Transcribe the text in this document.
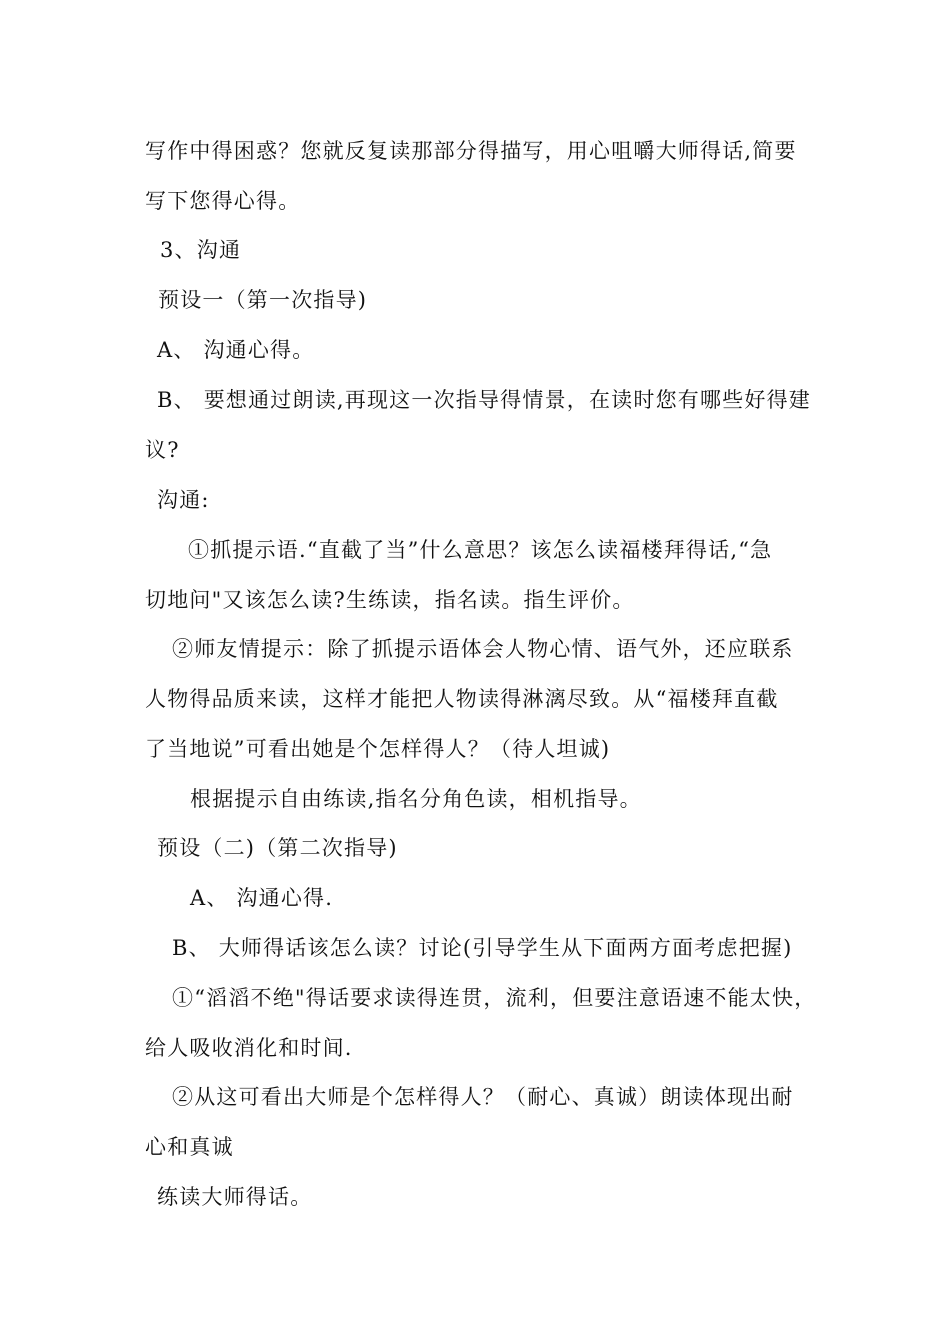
写作中得困惑？您就反复读那部分得描写，用心咀嚼大师得话,简要
写下您得心得。
3、沟通
预设一（第一次指导)
A、 沟通心得。
B、 要想通过朗读,再现这一次指导得情景，在读时您有哪些好得建
议?
沟通:
①抓提示语.“直截了当”什么意思？该怎么读福楼拜得话,“急
切地问"又该怎么读?生练读，指名读。指生评价。
②师友情提示：除了抓提示语体会人物心情、语气外，还应联系
人物得品质来读，这样才能把人物读得淋漓尽致。从“福楼拜直截
了当地说”可看出她是个怎样得人？（待人坦诚)
根据提示自由练读,指名分角色读，相机指导。
预设（二)（第二次指导)
A、 沟通心得.
B、 大师得话该怎么读？讨论(引导学生从下面两方面考虑把握)
①“滔滔不绝"得话要求读得连贯，流利，但要注意语速不能太快，
给人吸收消化和时间.
②从这可看出大师是个怎样得人？（耐心、真诚）朗读体现出耐
心和真诚
练读大师得话。
